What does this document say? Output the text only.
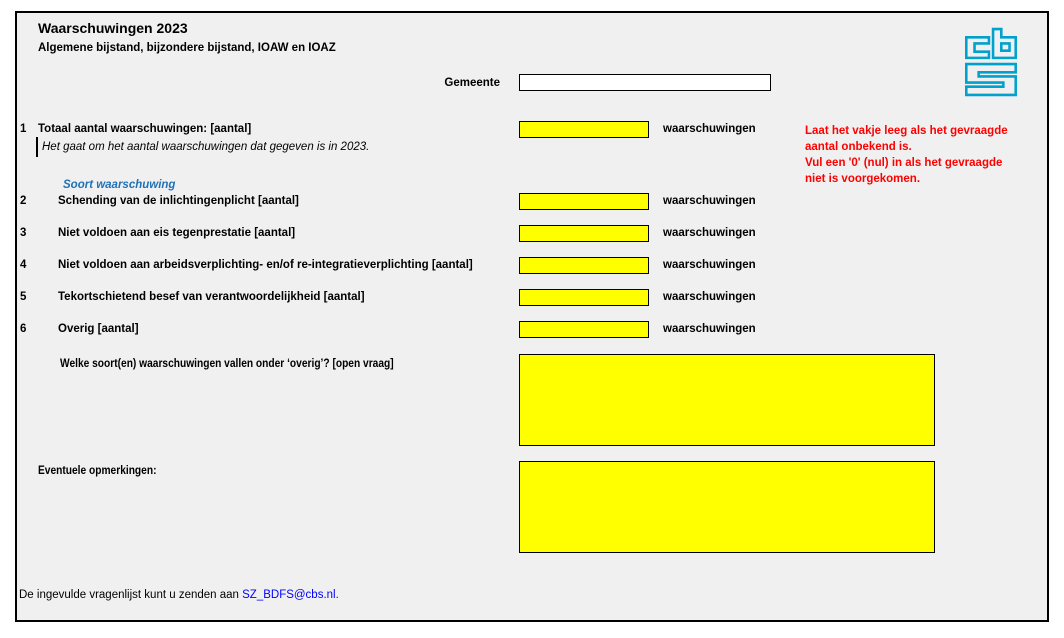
Waarschuwingen 2023
Algemene bijstand, bijzondere bijstand, IOAW en IOAZ
Gemeente
1	Totaal aantal waarschuwingen: [aantal]	waarschuwingen
Het gaat om het aantal waarschuwingen dat gegeven is in 2023.
Laat het vakje leeg als het gevraagde
aantal onbekend is.
Vul een '0' (nul) in als het gevraagde
niet is voorgekomen.
Soort waarschuwing
2	Schending van de inlichtingenplicht [aantal]	waarschuwingen
3	Niet voldoen aan eis tegenprestatie [aantal]	waarschuwingen
4	Niet voldoen aan arbeidsverplichting- en/of re-integratieverplichting [aantal]	waarschuwingen
5	Tekortschietend besef van verantwoordelijkheid [aantal]	waarschuwingen
6	Overig [aantal]	waarschuwingen
Welke soort(en) waarschuwingen vallen onder ‘overig’? [open vraag]
Eventuele opmerkingen:
De ingevulde vragenlijst kunt u zenden aan SZ_BDFS@cbs.nl.
